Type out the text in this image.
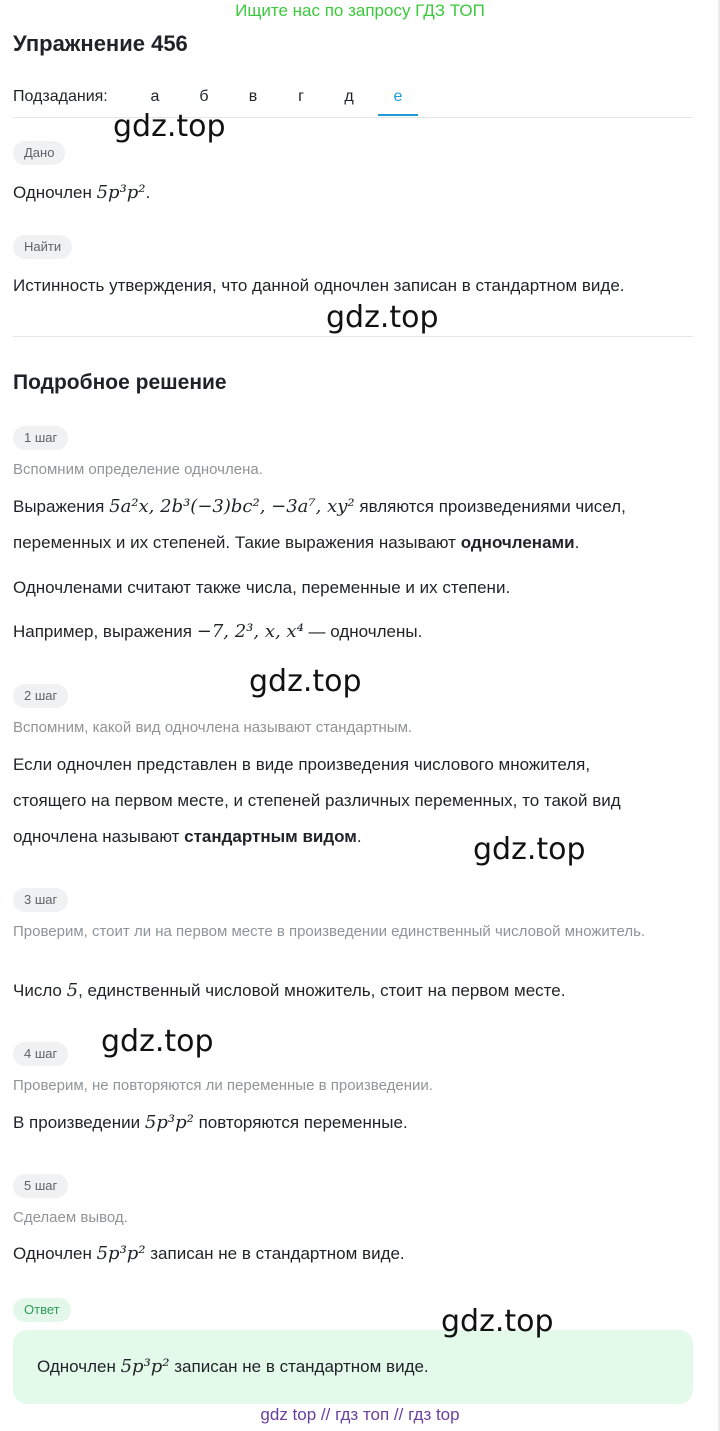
Ищите нас по запросу ГДЗ ТОП
Упражнение 456
Подзадания:	а	б	в	г	д	е
Дано
Одночлен 5p³p².
Найти
Истинность утверждения, что данной одночлен записан в стандартном виде.
Подробное решение
1 шаг
Вспомним определение одночлена.
Выражения 5a²x, 2b³(−3)bc², −3a⁷, xy² являются произведениями чисел,
переменных и их степеней. Такие выражения называют одночленами.
Одночленами считают также числа, переменные и их степени.
Например, выражения −7, 2³, x, x⁴ — одночлены.
2 шаг
Вспомним, какой вид одночлена называют стандартным.
Если одночлен представлен в виде произведения числового множителя,
стоящего на первом месте, и степеней различных переменных, то такой вид
одночлена называют стандартным видом.
3 шаг
Проверим, стоит ли на первом месте в произведении единственный числовой множитель.
Число 5, единственный числовой множитель, стоит на первом месте.
4 шаг
Проверим, не повторяются ли переменные в произведении.
В произведении 5p³p² повторяются переменные.
5 шаг
Сделаем вывод.
Одночлен 5p³p² записан не в стандартном виде.
Ответ
Одночлен 5p³p² записан не в стандартном виде.
gdz.top
gdz.top
gdz.top
gdz.top
gdz.top
gdz.top
gdz top // гдз топ // гдз top
